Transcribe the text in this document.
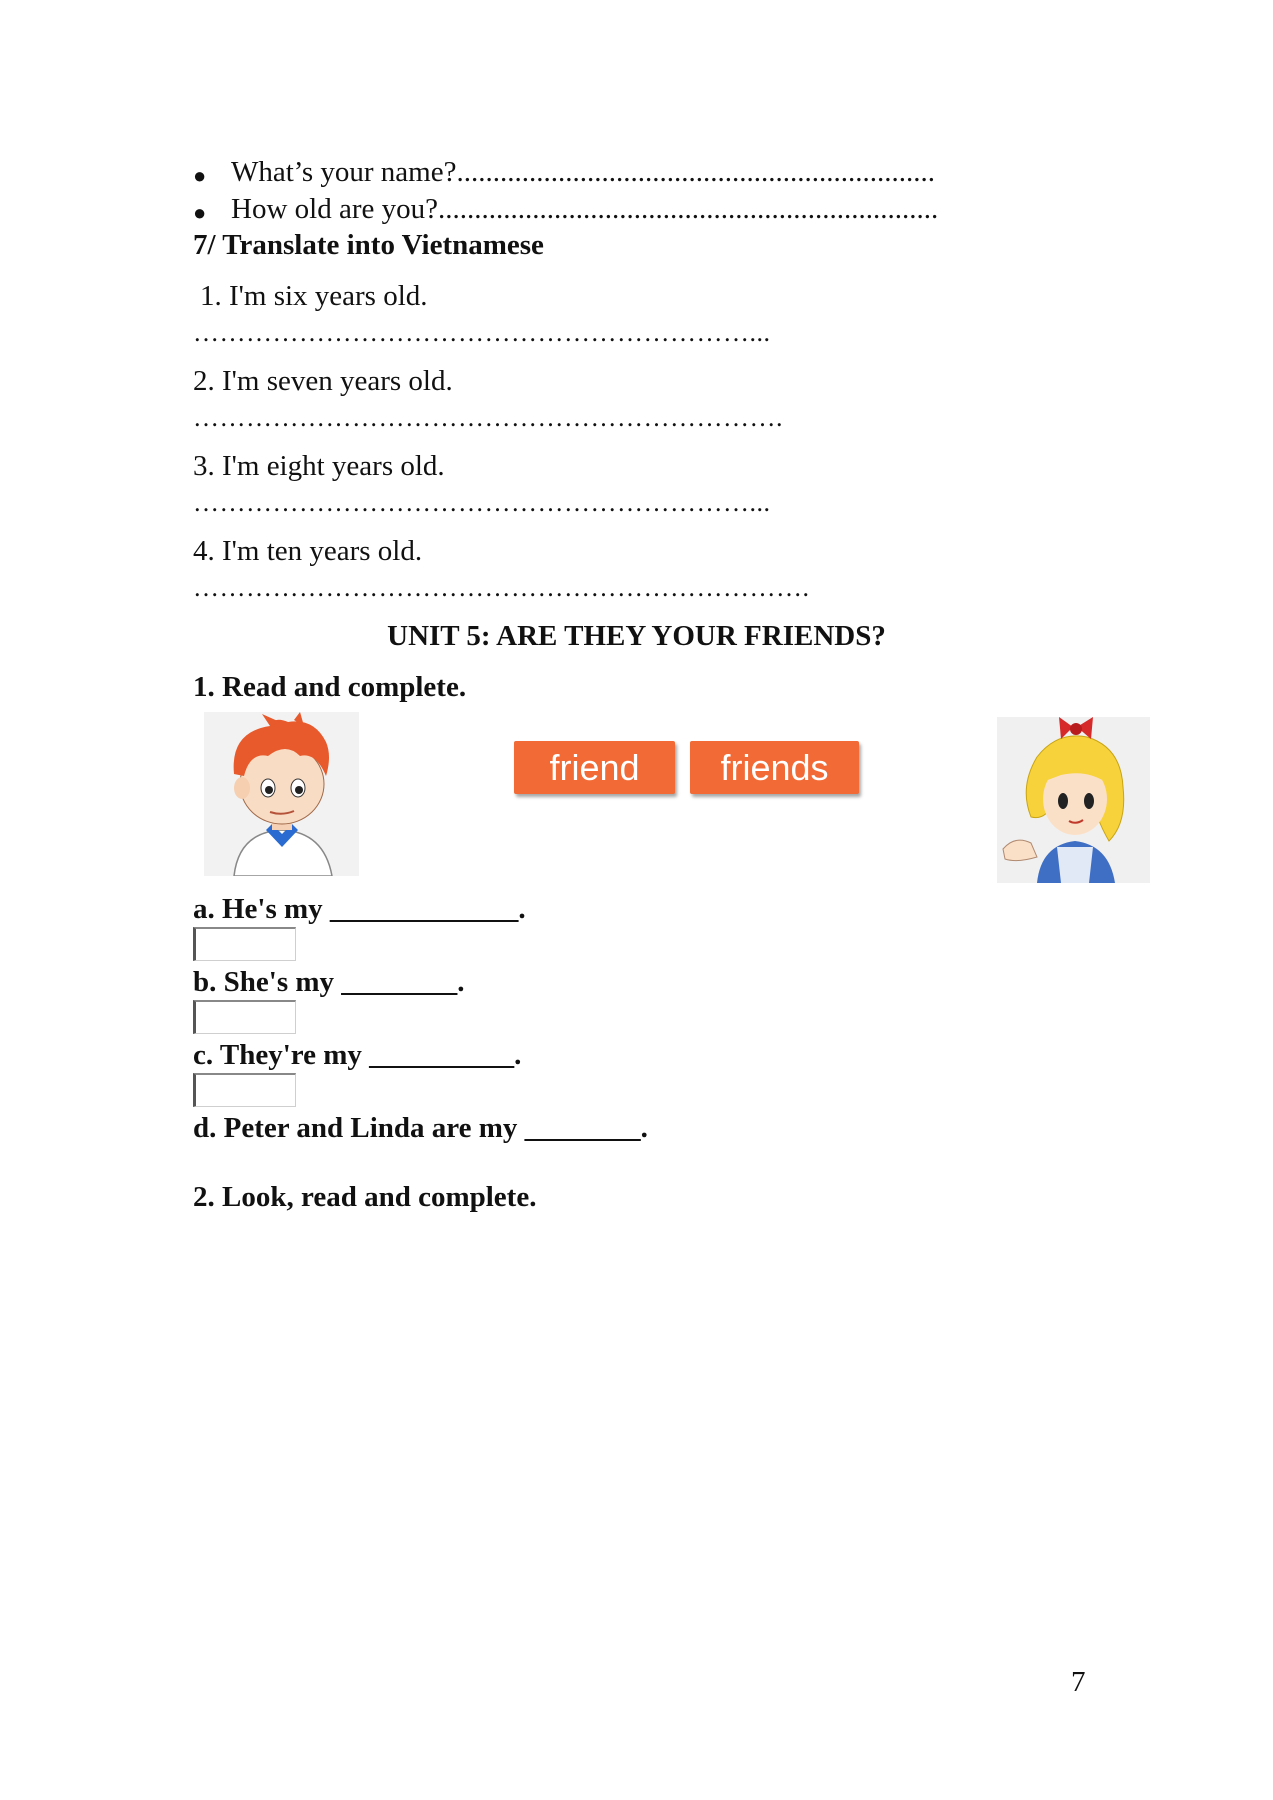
● What’s your name?..................................................................
● How old are you?.....................................................................
7/ Translate into Vietnamese
1. I'm six years old.
………………………………………………………...
2. I'm seven years old.
………………………………………………………….
3. I'm eight years old.
………………………………………………………...
4. I'm ten years old.
…………………………………………………………….
UNIT 5: ARE THEY YOUR FRIENDS?
1. Read and complete.
friend	friends
a. He's my _____________.
b. She's my ________.
c. They're my __________.
d. Peter and Linda are my ________.
2. Look, read and complete.
7
